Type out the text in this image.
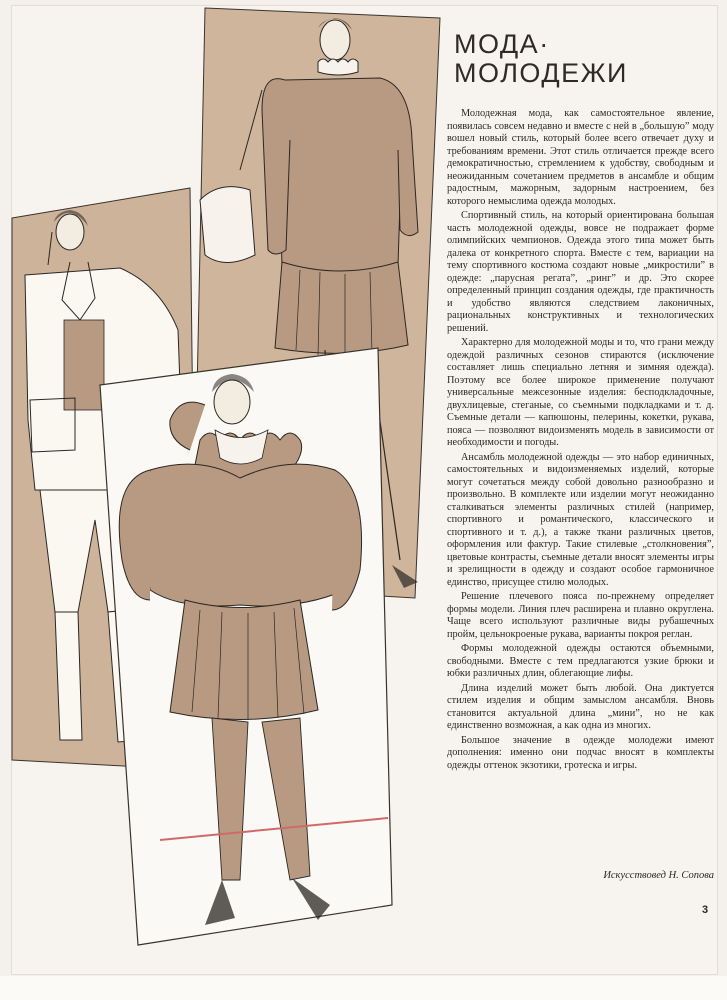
МОДА·
МОЛОДЕЖИ

Молодежная мода, как самостоятельное явление, появилась совсем недавно и вместе с ней в „большую” моду вошел новый стиль, который более всего отвечает духу и требованиям времени. Этот стиль отличается прежде всего демократичностью, стремлением к удобству, свободным и неожиданным сочетанием предметов в ансамбле и общим радостным, мажорным, задорным настроением, без которого немыслима одежда молодых.

Спортивный стиль, на который ориентирована большая часть молодежной одежды, вовсе не подражает форме олимпийских чемпионов. Одежда этого типа может быть далека от конкретного спорта. Вместе с тем, вариации на тему спортивного костюма создают новые „микростили” в одежде: „парусная регата”, „ринг” и др. Это скорее определенный принцип создания одежды, где практичность и удобство являются следствием лаконичных, рациональных конструктивных и технологических решений.

Характерно для молодежной моды и то, что грани между одеждой различных сезонов стираются (исключение составляет лишь специально летняя и зимняя одежда). Поэтому все более широкое применение получают универсальные межсезонные изделия: бесподкладочные, двухлицевые, стеганые, со съемными подкладками и т. д. Съемные детали — капюшоны, пелерины, кокетки, рукава, пояса — позволяют видоизменять модель в зависимости от необходимости и погоды.

Ансамбль молодежной одежды — это набор единичных, самостоятельных и видоизменяемых изделий, которые могут сочетаться между собой довольно разнообразно и произвольно. В комплекте или изделии могут неожиданно сталкиваться элементы различных стилей (например, спортивного и романтического, классического и спортивного и т. д.), а также ткани различных цветов, оформления или фактур. Такие стилевые „столкновения”, цветовые контрасты, съемные детали вносят элементы игры и зрелищности в одежду и создают особое гармоничное единство, присущее стилю молодых.

Решение плечевого пояса по-прежнему определяет формы модели. Линия плеч расширена и плавно округлена. Чаще всего используют различные виды рубашечных пройм, цельнокроеные рукава, варианты покроя реглан.

Формы молодежной одежды остаются объемными, свободными. Вместе с тем предлагаются узкие брюки и юбки различных длин, облегающие лифы.

Длина изделий может быть любой. Она диктуется стилем изделия и общим замыслом ансамбля. Вновь становится актуальной длина „мини”, но не как единственно возможная, а как одна из многих.

Большое значение в одежде молодежи имеют дополнения: именно они подчас вносят в комплекты одежды оттенок экзотики, гротеска и игры.

Искусствовед Н. Сопова
3
